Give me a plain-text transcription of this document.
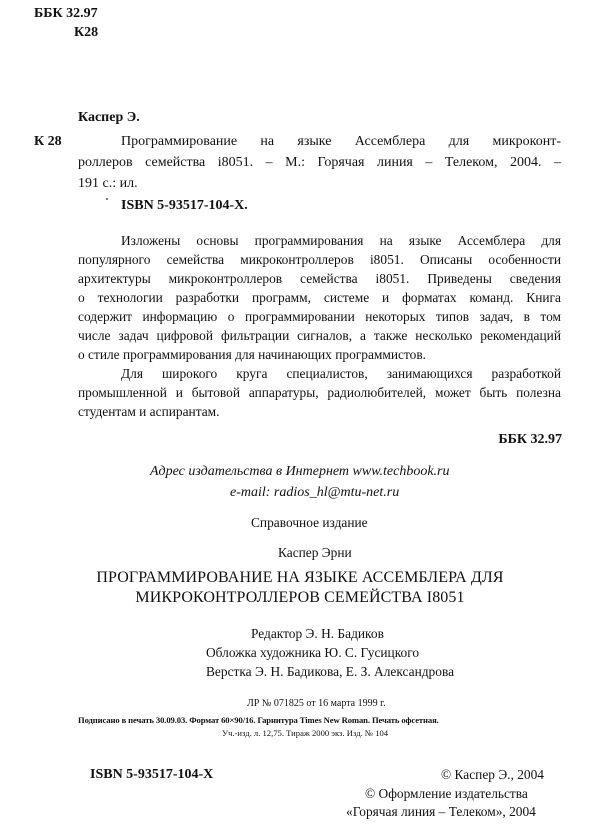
ББК 32.97
К28
Каспер Э.
К 28	Программирование на языке Ассемблера для микроконт-
роллеров семейства i8051. – М.: Горячая линия – Телеком, 2004. –
191 с.: ил.
ISBN 5-93517-104-X.
Изложены основы программирования на языке Ассемблера для
популярного семейства микроконтроллеров i8051. Описаны особенности
архитектуры микроконтроллеров семейства i8051. Приведены сведения
о технологии разработки программ, системе и форматах команд. Книга
содержит информацию о программировании некоторых типов задач, в том
числе задач цифровой фильтрации сигналов, а также несколько рекомендаций
о стиле программирования для начинающих программистов.
Для широкого круга специалистов, занимающихся разработкой
промышленной и бытовой аппаратуры, радиолюбителей, может быть полезна
студентам и аспирантам.
ББК 32.97
Адрес издательства в Интернет www.techbook.ru
e-mail: radios_hl@mtu-net.ru
Справочное издание
Каспер Эрни
ПРОГРАММИРОВАНИЕ НА ЯЗЫКЕ АССЕМБЛЕРА ДЛЯ
МИКРОКОНТРОЛЛЕРОВ СЕМЕЙСТВА I8051
Редактор Э. Н. Бадиков
Обложка художника Ю. С. Гусицкого
Верстка Э. Н. Бадикова, Е. З. Александрова
ЛР № 071825 от 16 марта 1999 г.
Подписано в печать 30.09.03. Формат 60×90/16. Гарнитура Times New Roman. Печать офсетная.
Уч.-изд. л. 12,75. Тираж 2000 экз. Изд. № 104
ISBN 5-93517-104-X	© Каспер Э., 2004
© Оформление издательства
«Горячая линия – Телеком», 2004
